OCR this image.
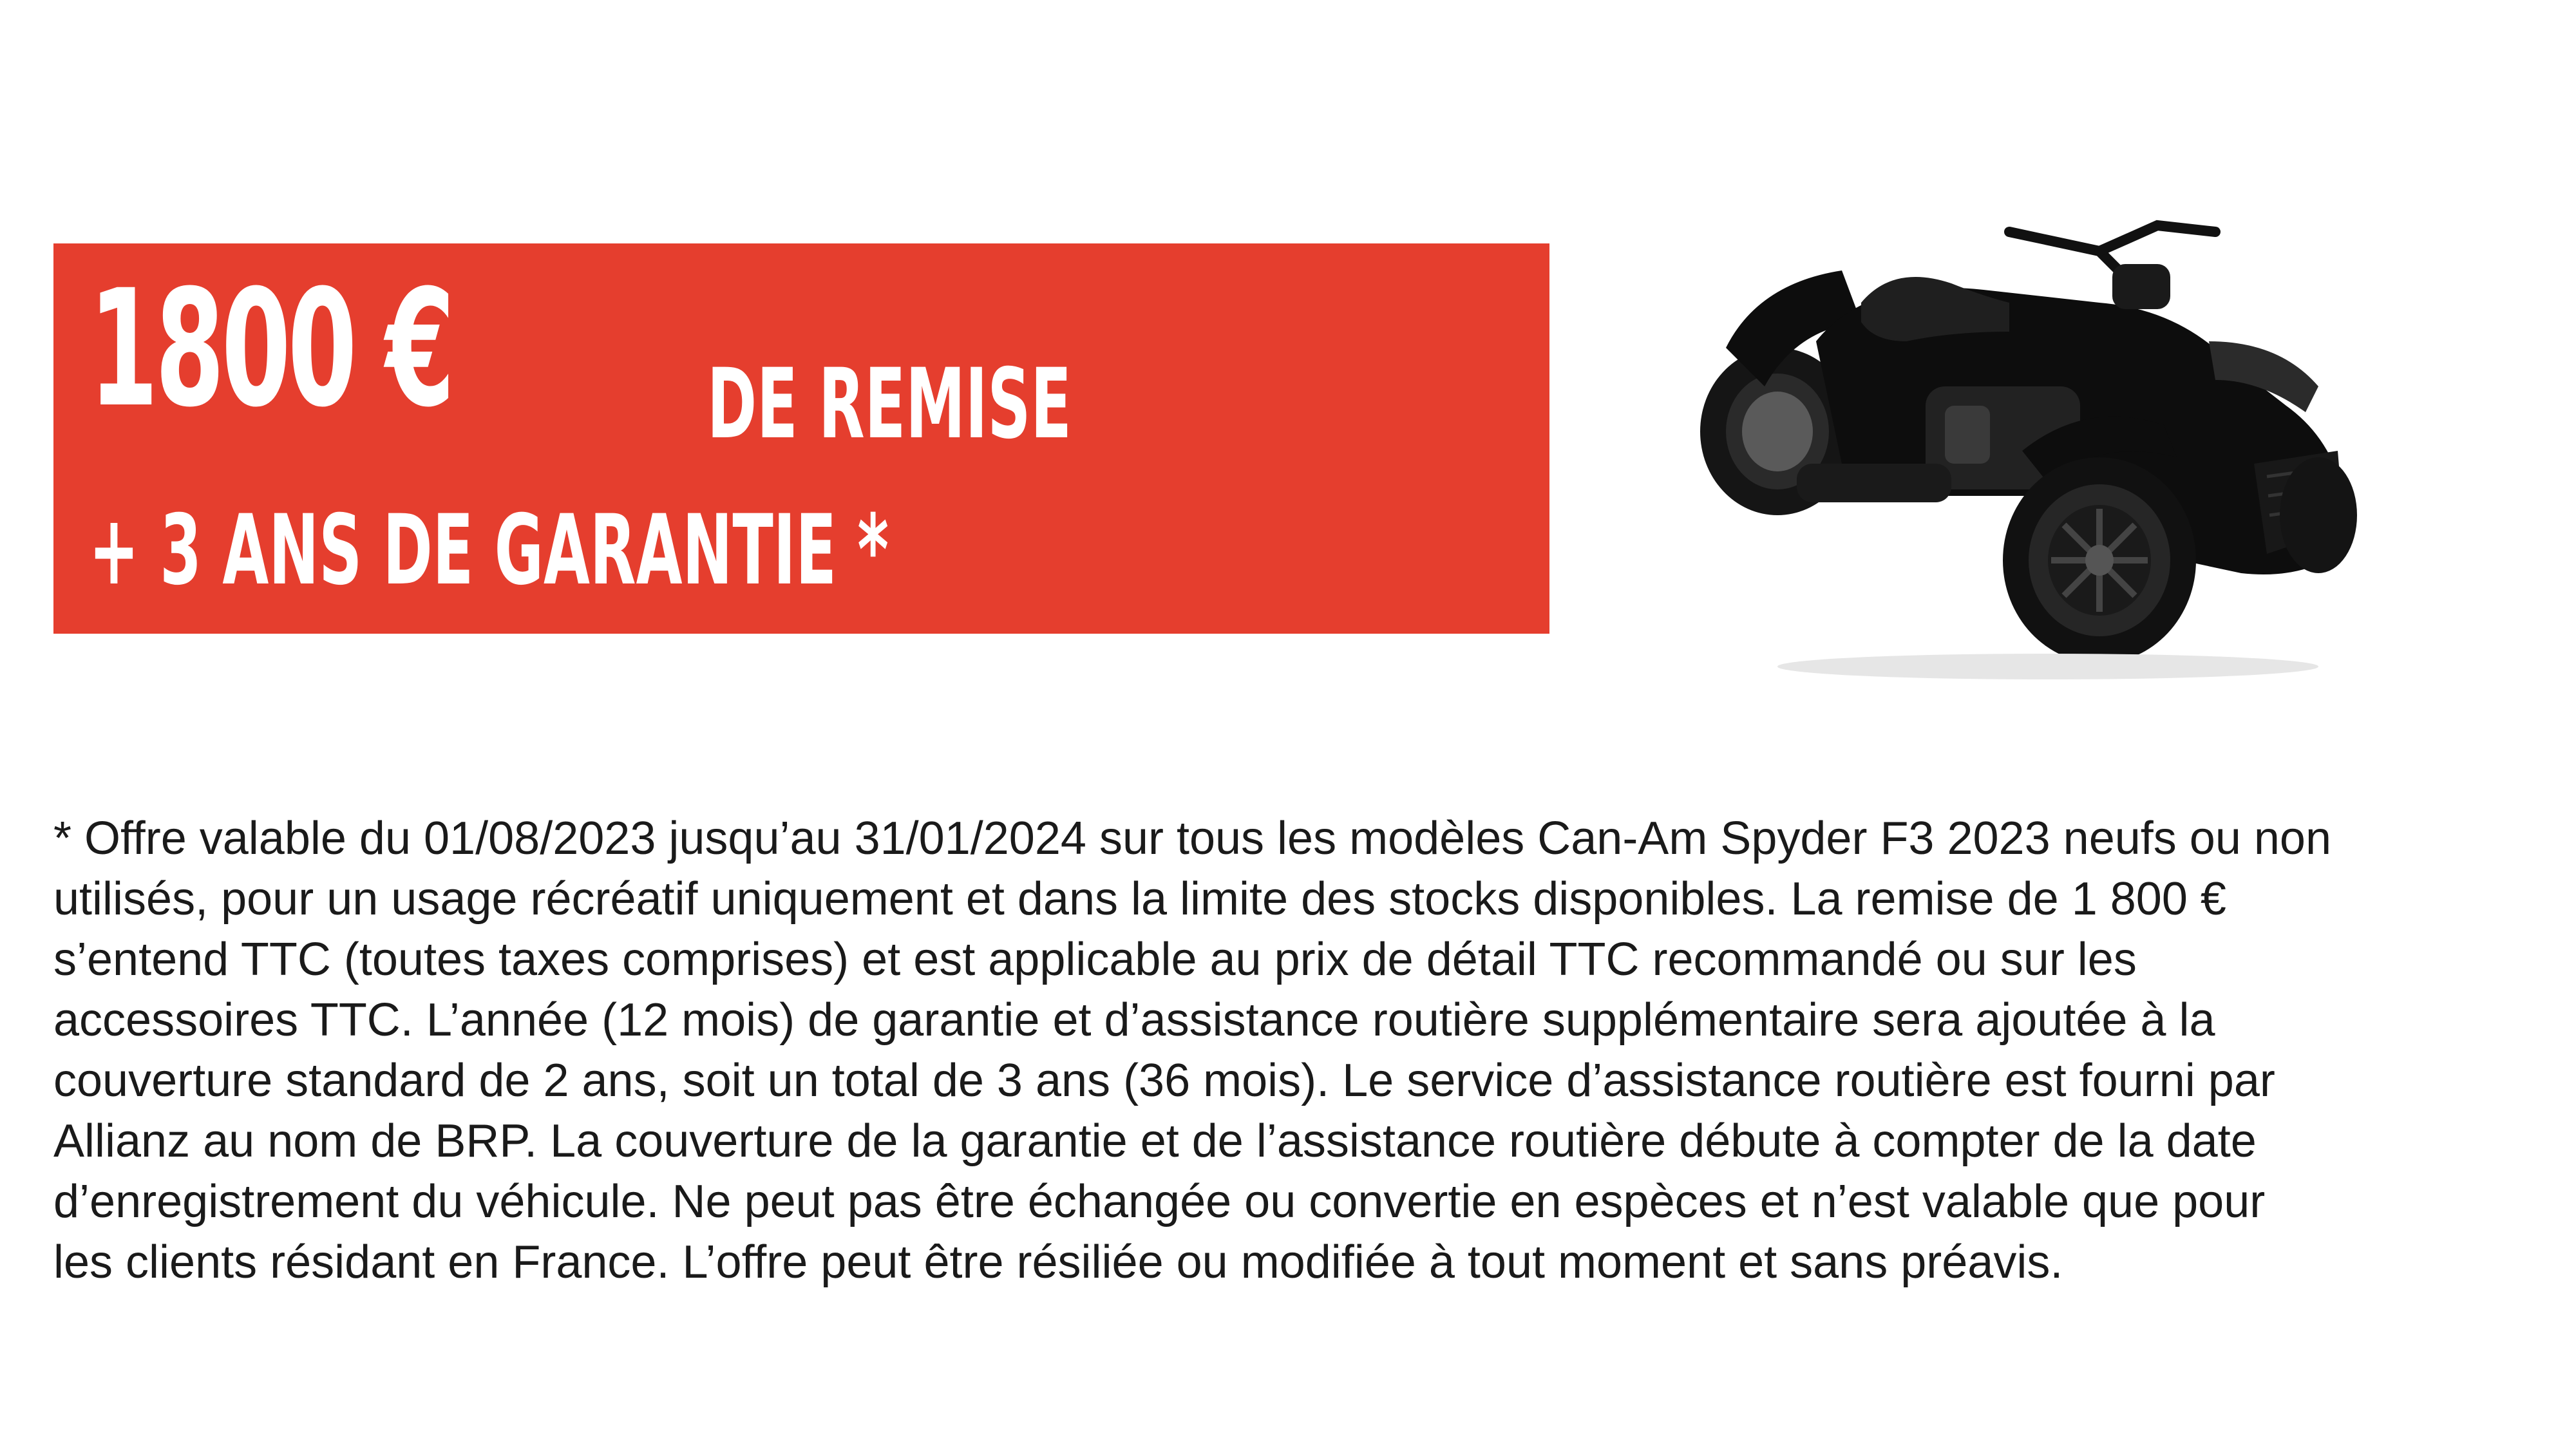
1800 €	DE REMISE
+ 3 ANS DE GARANTIE *
* Offre valable du 01/08/2023 jusqu’au 31/01/2024 sur tous les modèles Can-Am Spyder F3 2023 neufs ou non
utilisés, pour un usage récréatif uniquement et dans la limite des stocks disponibles. La remise de 1 800 €
s’entend TTC (toutes taxes comprises) et est applicable au prix de détail TTC recommandé ou sur les
accessoires TTC. L’année (12 mois) de garantie et d’assistance routière supplémentaire sera ajoutée à la
couverture standard de 2 ans, soit un total de 3 ans (36 mois). Le service d’assistance routière est fourni par
Allianz au nom de BRP. La couverture de la garantie et de l’assistance routière débute à compter de la date
d’enregistrement du véhicule. Ne peut pas être échangée ou convertie en espèces et n’est valable que pour
les clients résidant en France. L’offre peut être résiliée ou modifiée à tout moment et sans préavis.
